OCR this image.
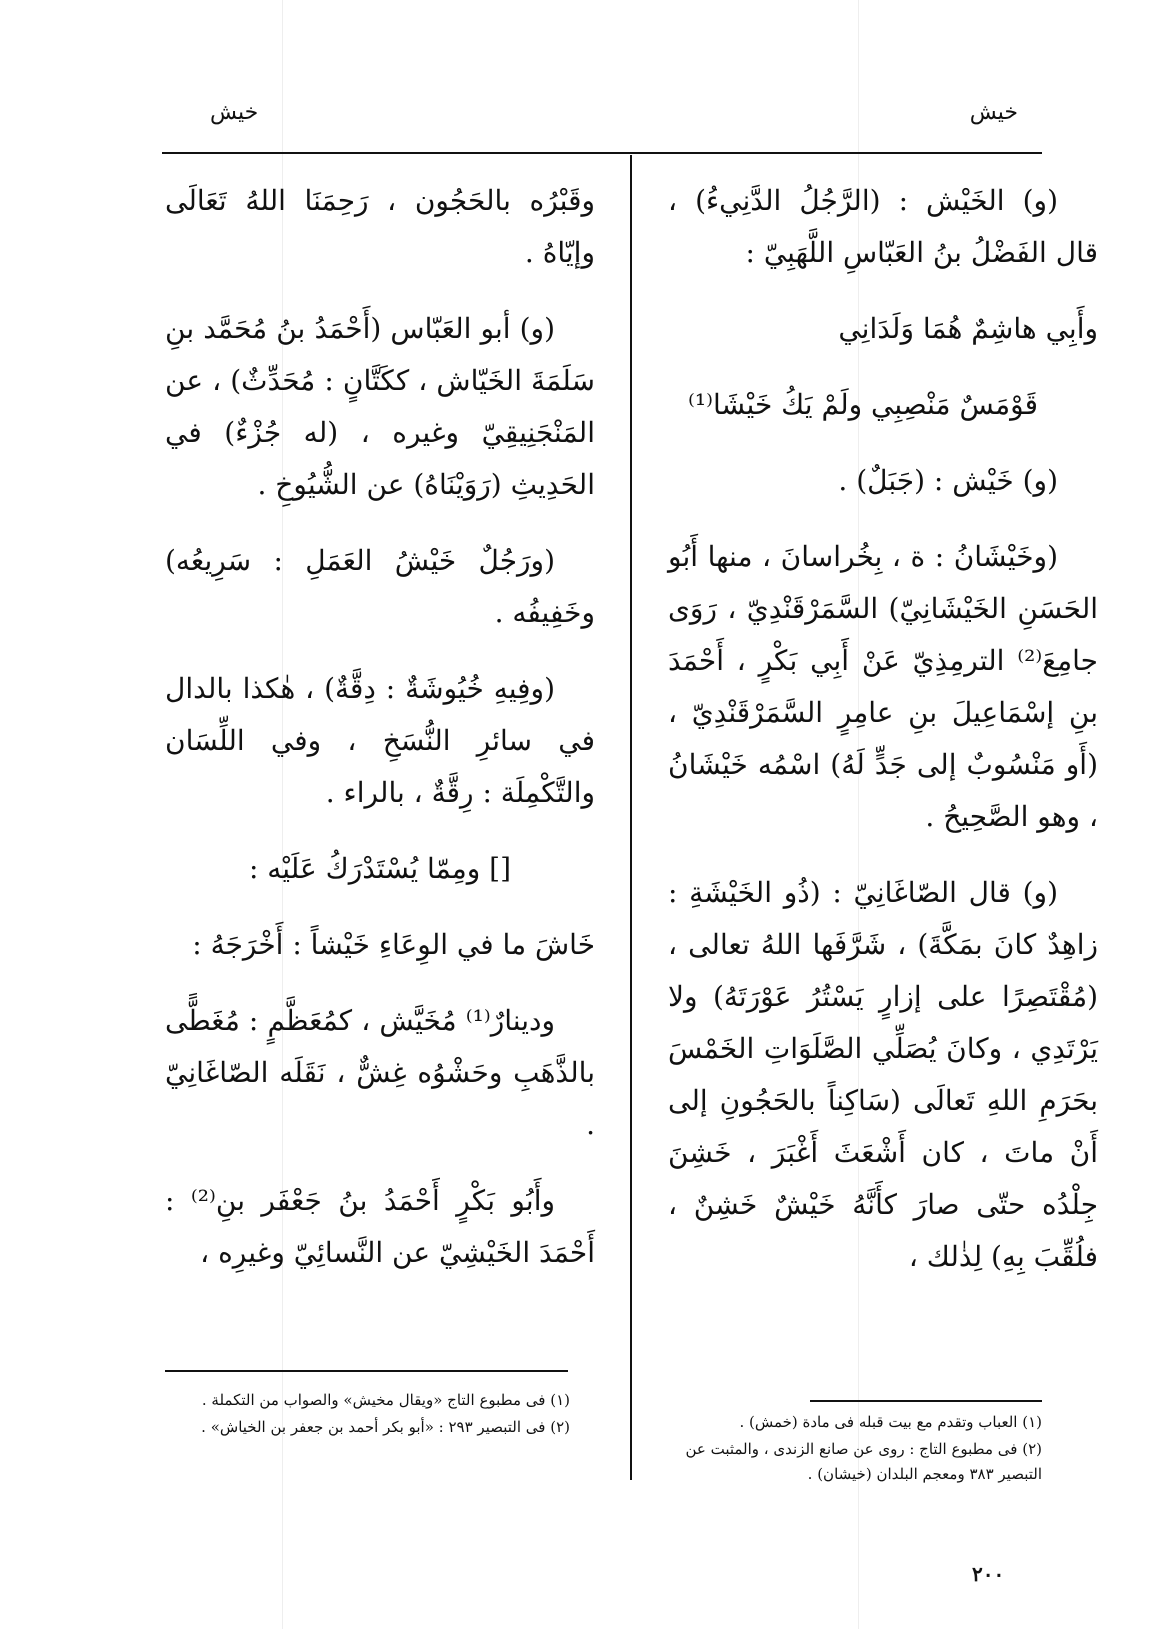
خيش
خيش

(و) الخَيْش : (الرَّجُلُ الدَّنِيءُ) ، قال الفَضْلُ بنُ العَبّاسِ اللَّهَبِيّ :

وأَبِي هاشِمٌ هُمَا وَلَدَانِي

قَوْمَسٌ مَنْصِبِي ولَمْ يَكُ خَيْشَا⁽¹⁾

(و) خَيْش : (جَبَلٌ) .

(وخَيْشَانُ : ة ، بِخُراسانَ ، منها أَبُو الحَسَنِ الخَيْشَانِيّ) السَّمَرْقَنْدِيّ ، رَوَى جامِعَ⁽²⁾ الترمِذِيّ عَنْ أَبِي بَكْرٍ ، أَحْمَدَ بنِ إسْمَاعِيلَ بنِ عامِرٍ السَّمَرْقَنْدِيّ ، (أَو مَنْسُوبٌ إلى جَدٍّ لَهُ) اسْمُه خَيْشَانُ ، وهو الصَّحِيحُ .

(و) قال الصّاغَانِيّ : (ذُو الخَيْشَةِ : زاهِدٌ كانَ بمَكَّةَ) ، شَرَّفَها اللهُ تعالى ، (مُقْتَصِرًا على إزارٍ يَسْتُرُ عَوْرَتَهُ) ولا يَرْتَدِي ، وكانَ يُصَلِّي الصَّلَوَاتِ الخَمْسَ بحَرَمِ اللهِ تَعالَى (سَاكِناً بالحَجُونِ إلى أَنْ ماتَ ، كان أَشْعَثَ أَغْبَرَ ، خَشِنَ جِلْدُه حتّى صارَ كأَنَّهُ خَيْشٌ خَشِنٌ ، فلُقِّبَ بِهِ) لِذٰلك ،

وقَبْرُه بالحَجُون ، رَحِمَنَا اللهُ تَعَالَى وإيّاهُ .

(و) أبو العَبّاس (أَحْمَدُ بنُ مُحَمَّد بنِ سَلَمَةَ الخَيّاش ، ككَتَّانٍ : مُحَدِّثٌ) ، عن المَنْجَنِيقِيّ وغيره ، (له جُزْءٌ) في الحَدِيثِ (رَوَيْنَاهُ) عن الشُّيُوخِ .

(ورَجُلٌ خَيْشُ العَمَلِ : سَرِيعُه) وخَفِيفُه .

(وفِيهِ خُيُوشَةٌ : دِقَّةٌ) ، هٰكذا بالدال في سائرِ النُّسَخِ ، وفي اللِّسَان والتَّكْمِلَة : رِقَّةٌ ، بالراء .

[] ومِمّا يُسْتَدْرَكُ عَلَيْه :

خَاشَ ما في الوِعَاءِ خَيْشاً : أَخْرَجَهُ :

ودينارٌ⁽¹⁾ مُخَيَّش ، كمُعَظَّمٍ : مُغَطًّى بالذَّهَبِ وحَشْوُه غِشٌّ ، نَقَلَه الصّاغَانِيّ .

وأَبُو بَكْرٍ أَحْمَدُ بنُ جَعْفَر بنِ⁽²⁾ : أَحْمَدَ الخَيْشِيّ عن النَّسائِيّ وغيرِه ،

(١) العباب وتقدم مع بيت قبله فى مادة (خمش) .
(٢) فى مطبوع التاج : روى عن صانع الزندى ، والمثبت عن التبصير ٣٨٣ ومعجم البلدان (خيشان) .
(١) فى مطبوع التاج «ويقال مخيش» والصواب من التكملة .
(٢) فى التبصير ٢٩٣ : «أبو بكر أحمد بن جعفر بن الخياش» .
٢٠٠
